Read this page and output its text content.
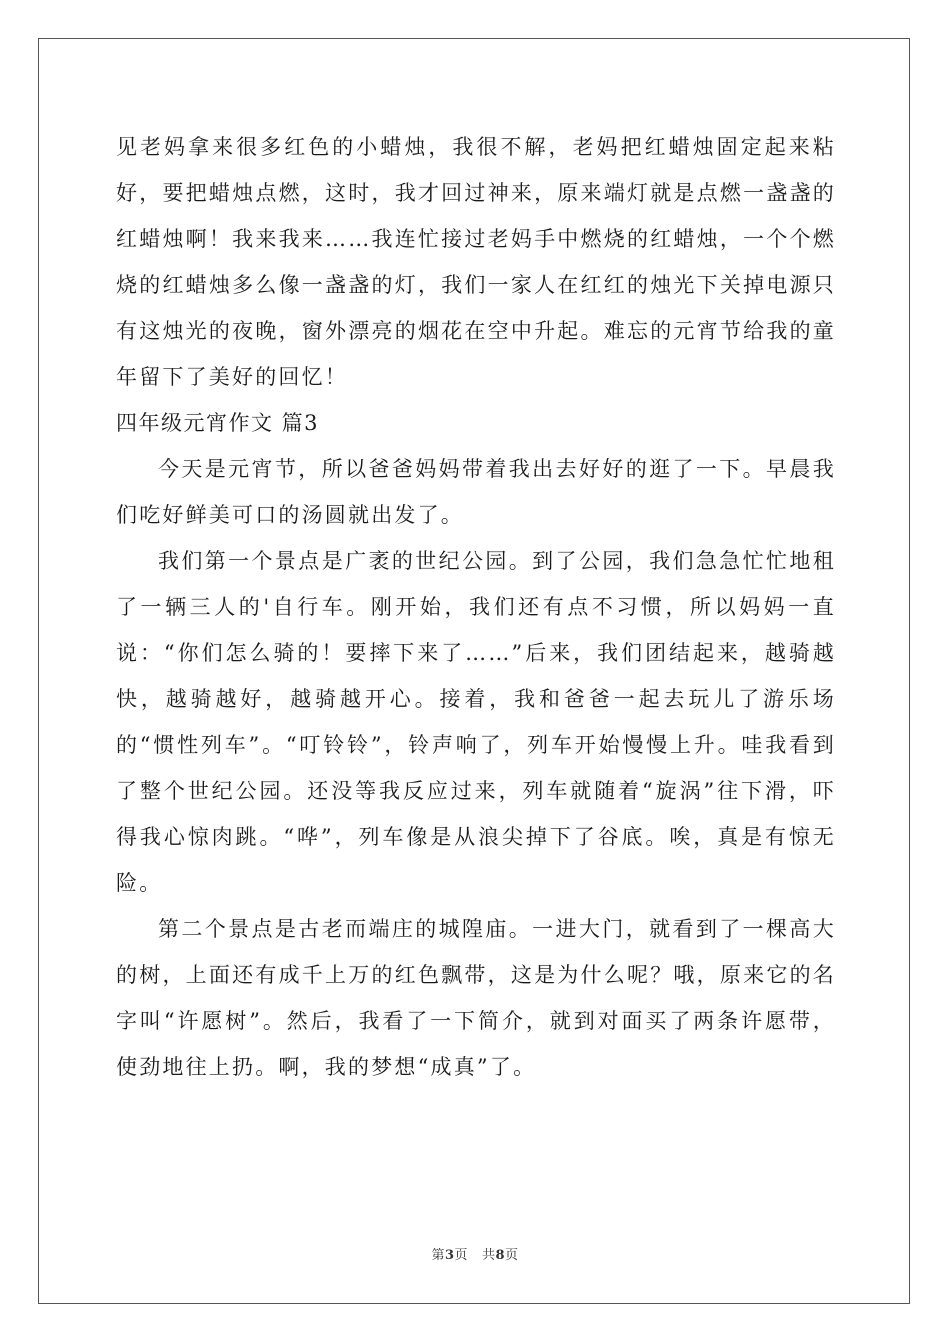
见老妈拿来很多红色的小蜡烛，我很不解，老妈把红蜡烛固定起来粘好，要把蜡烛点燃，这时，我才回过神来，原来端灯就是点燃一盏盏的红蜡烛啊！我来我来……我连忙接过老妈手中燃烧的红蜡烛，一个个燃烧的红蜡烛多么像一盏盏的灯，我们一家人在红红的烛光下关掉电源只有这烛光的夜晚，窗外漂亮的烟花在空中升起。难忘的元宵节给我的童年留下了美好的回忆！

四年级元宵作文 篇3

今天是元宵节，所以爸爸妈妈带着我出去好好的逛了一下。早晨我们吃好鲜美可口的汤圆就出发了。

我们第一个景点是广袤的世纪公园。到了公园，我们急急忙忙地租了一辆三人的'自行车。刚开始，我们还有点不习惯，所以妈妈一直说：“你们怎么骑的！要摔下来了……”后来，我们团结起来，越骑越快，越骑越好，越骑越开心。接着，我和爸爸一起去玩儿了游乐场的“惯性列车”。“叮铃铃”，铃声响了，列车开始慢慢上升。哇我看到了整个世纪公园。还没等我反应过来，列车就随着“旋涡”往下滑，吓得我心惊肉跳。“哗”，列车像是从浪尖掉下了谷底。唉，真是有惊无险。

第二个景点是古老而端庄的城隍庙。一进大门，就看到了一棵高大的树，上面还有成千上万的红色飘带，这是为什么呢？哦，原来它的名字叫“许愿树”。然后，我看了一下简介，就到对面买了两条许愿带，使劲地往上扔。啊，我的梦想“成真”了。

第3页 共8页
